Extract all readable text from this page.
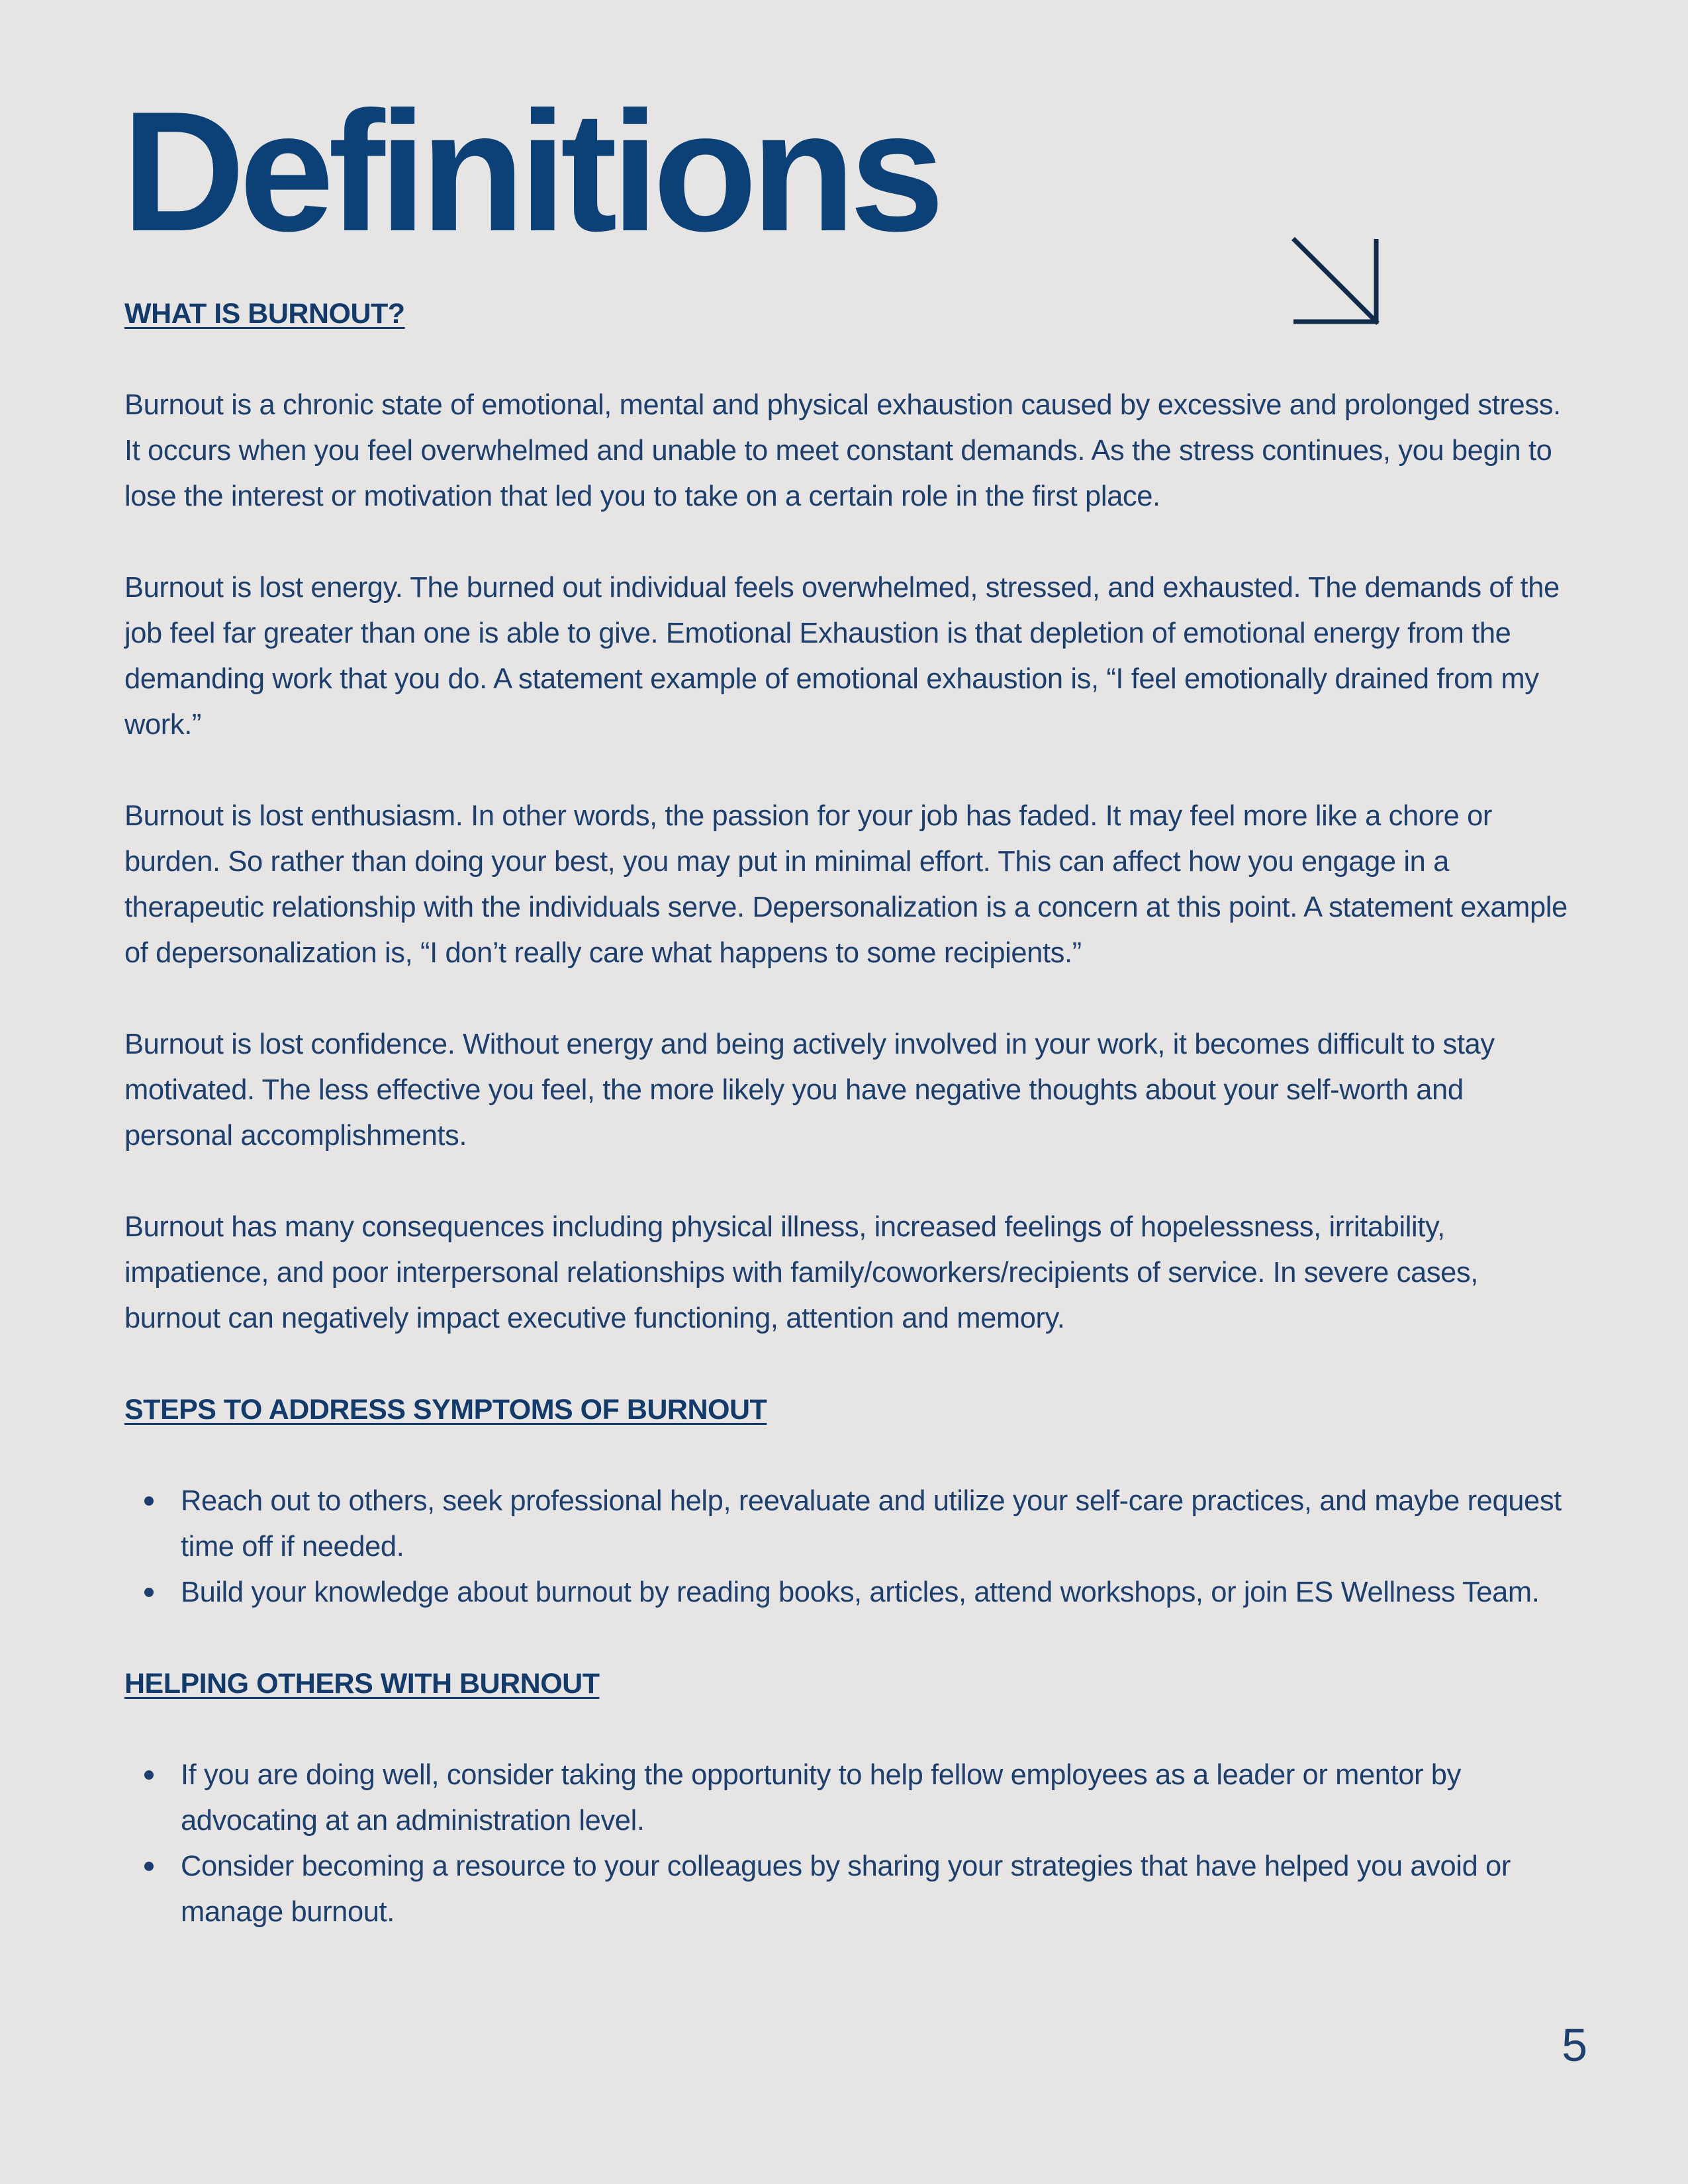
Definitions
WHAT IS BURNOUT?

Burnout is a chronic state of emotional, mental and physical exhaustion caused by excessive and prolonged stress. It occurs when you feel overwhelmed and unable to meet constant demands. As the stress continues, you begin to lose the interest or motivation that led you to take on a certain role in the first place.

Burnout is lost energy. The burned out individual feels overwhelmed, stressed, and exhausted. The demands of the job feel far greater than one is able to give. Emotional Exhaustion is that depletion of emotional energy from the demanding work that you do. A statement example of emotional exhaustion is, “I feel emotionally drained from my work.”

Burnout is lost enthusiasm. In other words, the passion for your job has faded. It may feel more like a chore or burden. So rather than doing your best, you may put in minimal effort. This can affect how you engage in a therapeutic relationship with the individuals serve. Depersonalization is a concern at this point. A statement example of depersonalization is, “I don’t really care what happens to some recipients.”

Burnout is lost confidence. Without energy and being actively involved in your work, it becomes difficult to stay motivated. The less effective you feel, the more likely you have negative thoughts about your self-worth and personal accomplishments.

Burnout has many consequences including physical illness, increased feelings of hopelessness, irritability, impatience, and poor interpersonal relationships with family/coworkers/recipients of service. In severe cases, burnout can negatively impact executive functioning, attention and memory.

STEPS TO ADDRESS SYMPTOMS OF BURNOUT
Reach out to others, seek professional help, reevaluate and utilize your self-care practices, and maybe request time off if needed.
Build your knowledge about burnout by reading books, articles, attend workshops, or join ES Wellness Team.
HELPING OTHERS WITH BURNOUT
If you are doing well, consider taking the opportunity to help fellow employees as a leader or mentor by advocating at an administration level.
Consider becoming a resource to your colleagues by sharing your strategies that have helped you avoid or manage burnout.
5
